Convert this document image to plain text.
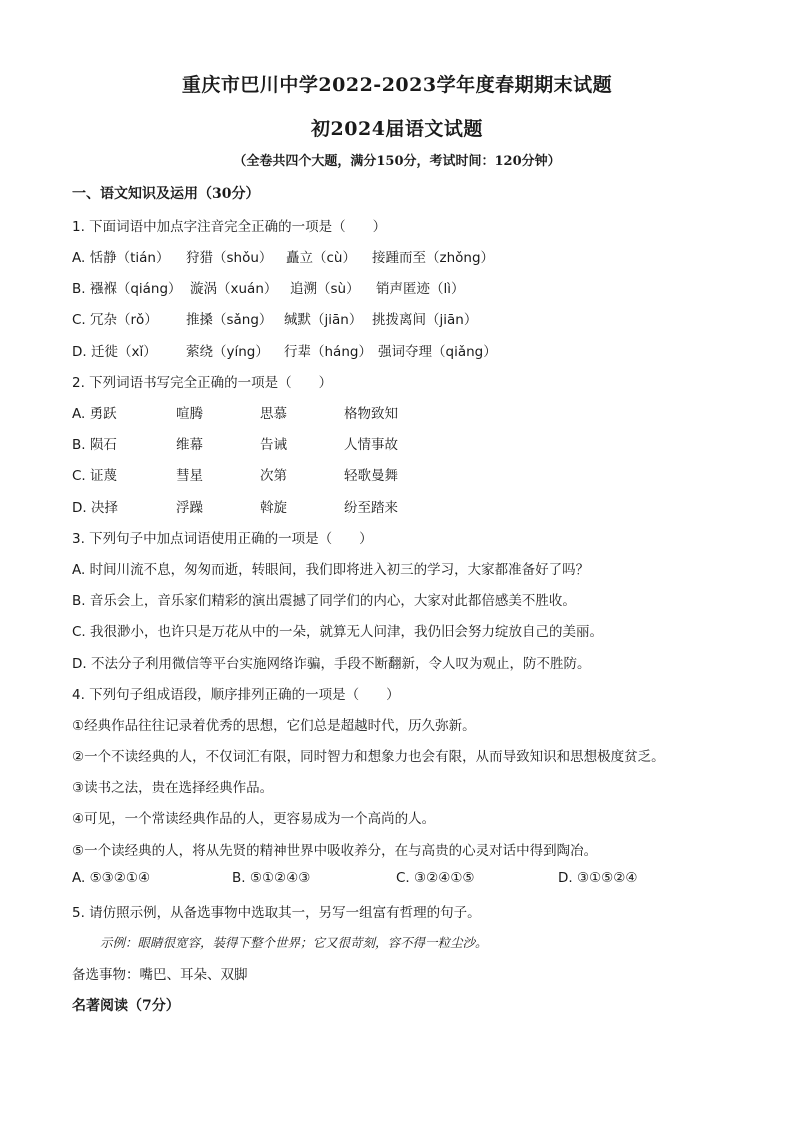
重庆市巴川中学2022-2023学年度春期期末试题
初2024届语文试题
（全卷共四个大题，满分150分，考试时间：120分钟）
一、语文知识及运用（30分）
1. 下面词语中加点字注音完全正确的一项是（　　）
A. 恬静（tián） 狩猎（shǒu） 矗立（cù） 接踵而至（zhǒng）
B. 襁褓（qiáng） 漩涡（xuán） 追溯（sù） 销声匿迹（lì）
C. 冗杂（rǒ） 推搡（sǎng） 缄默（jiān） 挑拨离间（jiān）
D. 迁徙（xǐ） 萦绕（yíng） 行辈（háng） 强词夺理（qiǎng）
2. 下列词语书写完全正确的一项是（　　）
A. 勇跃	喧腾	思慕	格物致知
B. 陨石	维幕	告诫	人情事故
C. 证蔑	彗星	次第	轻歌曼舞
D. 决择	浮躁	斡旋	纷至踏来
3. 下列句子中加点词语使用正确的一项是（　　）
A. 时间川流不息，匆匆而逝，转眼间，我们即将进入初三的学习，大家都准备好了吗？
B. 音乐会上，音乐家们精彩的演出震撼了同学们的内心，大家对此都倍感美不胜收。
C. 我很渺小，也许只是万花从中的一朵，就算无人问津，我仍旧会努力绽放自己的美丽。
D. 不法分子利用微信等平台实施网络诈骗，手段不断翻新，令人叹为观止，防不胜防。
4. 下列句子组成语段，顺序排列正确的一项是（　　）
①经典作品往往记录着优秀的思想，它们总是超越时代，历久弥新。
②一个不读经典的人，不仅词汇有限，同时智力和想象力也会有限，从而导致知识和思想极度贫乏。
③读书之法，贵在选择经典作品。
④可见，一个常读经典作品的人，更容易成为一个高尚的人。
⑤一个读经典的人，将从先贤的精神世界中吸收养分，在与高贵的心灵对话中得到陶冶。
A. ⑤③②①④	B. ⑤①②④③	C. ③②④①⑤	D. ③①⑤②④
5. 请仿照示例，从备选事物中选取其一，另写一组富有哲理的句子。
示例：眼睛很宽容，装得下整个世界；它又很苛刻，容不得一粒尘沙。
备选事物：嘴巴、耳朵、双脚
名著阅读（7分）
